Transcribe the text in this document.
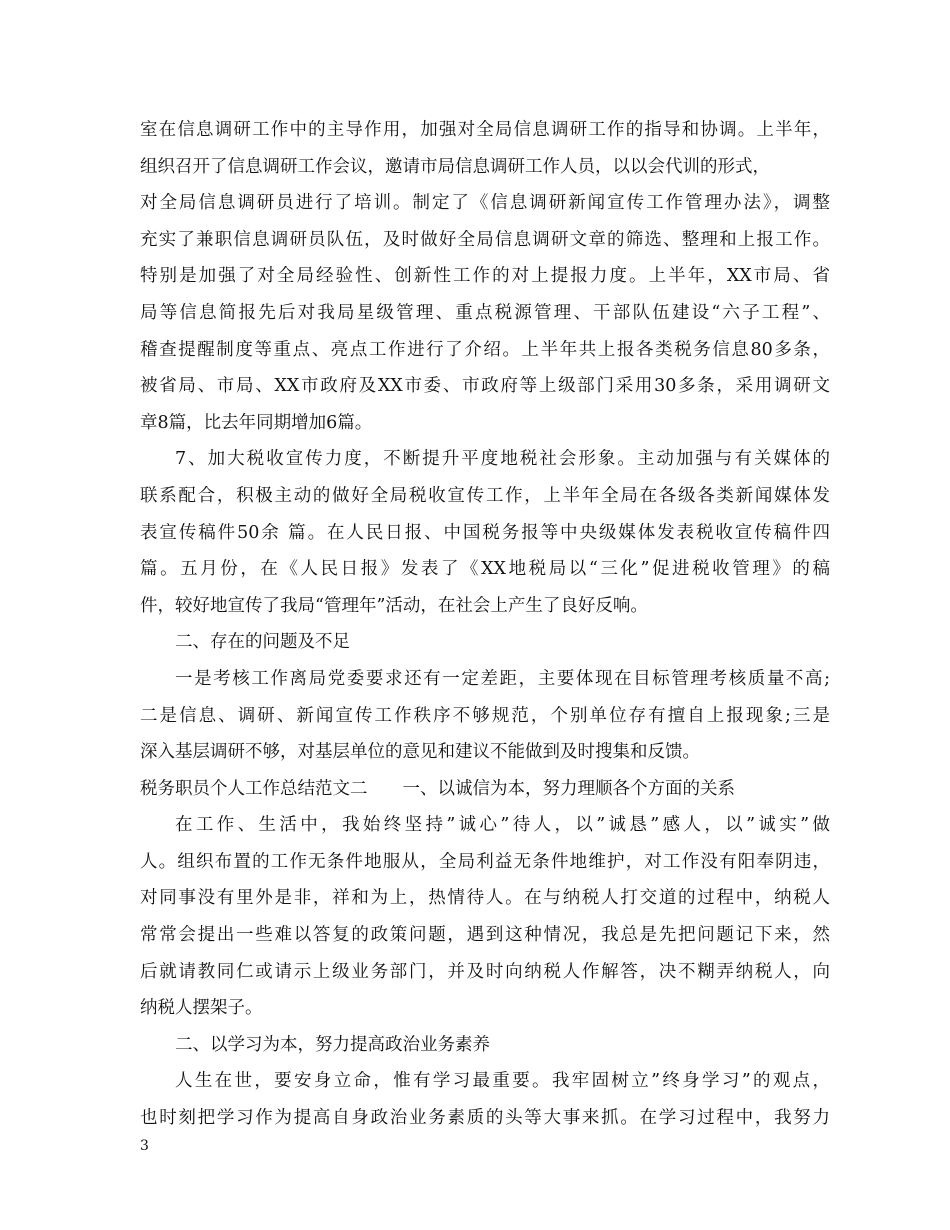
室在信息调研工作中的主导作用，加强对全局信息调研工作的指导和协调。上半年，
组织召开了信息调研工作会议，邀请市局信息调研工作人员，以以会代训的形式，
对全局信息调研员进行了培训。制定了《信息调研新闻宣传工作管理办法》，调整
充实了兼职信息调研员队伍，及时做好全局信息调研文章的筛选、整理和上报工作。
特别是加强了对全局经验性、创新性工作的对上提报力度。上半年，XX市局、省
局等信息简报先后对我局星级管理、重点税源管理、干部队伍建设“六子工程”、
稽查提醒制度等重点、亮点工作进行了介绍。上半年共上报各类税务信息80多条，
被省局、市局、XX市政府及XX市委、市政府等上级部门采用30多条，采用调研文
章8篇，比去年同期增加6篇。
7、加大税收宣传力度，不断提升平度地税社会形象。主动加强与有关媒体的
联系配合，积极主动的做好全局税收宣传工作，上半年全局在各级各类新闻媒体发
表宣传稿件50余 篇。在人民日报、中国税务报等中央级媒体发表税收宣传稿件四
篇。五月份，在《人民日报》发表了《XX地税局以“三化”促进税收管理》的稿
件，较好地宣传了我局“管理年”活动，在社会上产生了良好反响。
二、存在的问题及不足
一是考核工作离局党委要求还有一定差距，主要体现在目标管理考核质量不高;
二是信息、调研、新闻宣传工作秩序不够规范，个别单位存有擅自上报现象;三是
深入基层调研不够，对基层单位的意见和建议不能做到及时搜集和反馈。
税务职员个人工作总结范文二　　一、以诚信为本，努力理顺各个方面的关系
在工作、生活中，我始终坚持”诚心”待人，以”诚恳”感人，以”诚实”做
人。组织布置的工作无条件地服从，全局利益无条件地维护，对工作没有阳奉阴违，
对同事没有里外是非，祥和为上，热情待人。在与纳税人打交道的过程中，纳税人
常常会提出一些难以答复的政策问题，遇到这种情况，我总是先把问题记下来，然
后就请教同仁或请示上级业务部门，并及时向纳税人作解答，决不糊弄纳税人，向
纳税人摆架子。
二、以学习为本，努力提高政治业务素养
人生在世，要安身立命，惟有学习最重要。我牢固树立”终身学习”的观点，
也时刻把学习作为提高自身政治业务素质的头等大事来抓。在学习过程中，我努力
3
